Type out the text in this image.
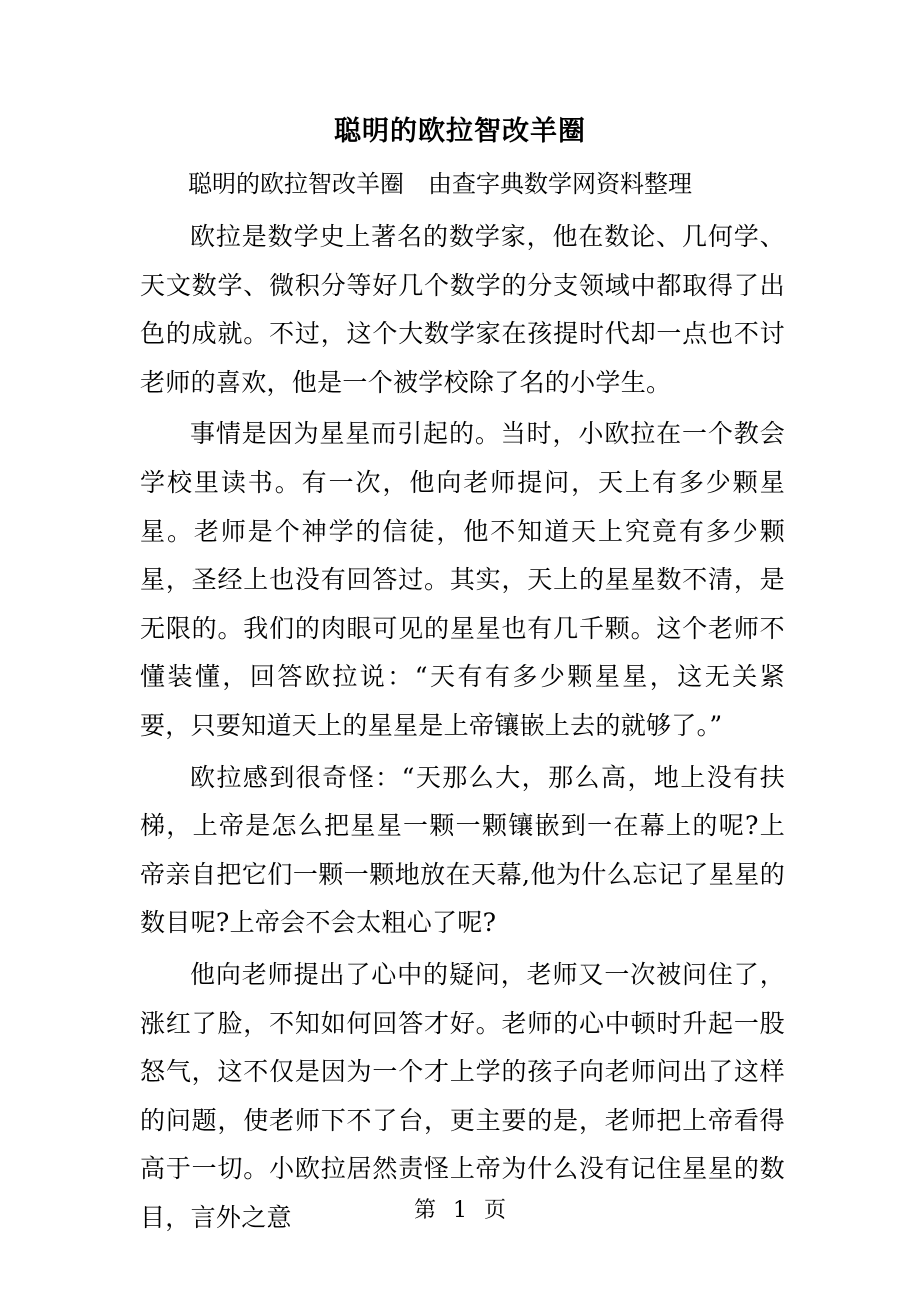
聪明的欧拉智改羊圈
聪明的欧拉智改羊圈　由查字典数学网资料整理

欧拉是数学史上著名的数学家，他在数论、几何学、天文数学、微积分等好几个数学的分支领域中都取得了出色的成就。不过，这个大数学家在孩提时代却一点也不讨老师的喜欢，他是一个被学校除了名的小学生。

事情是因为星星而引起的。当时，小欧拉在一个教会学校里读书。有一次，他向老师提问，天上有多少颗星星。老师是个神学的信徒，他不知道天上究竟有多少颗星，圣经上也没有回答过。其实，天上的星星数不清，是无限的。我们的肉眼可见的星星也有几千颗。这个老师不懂装懂，回答欧拉说：“天有有多少颗星星，这无关紧要，只要知道天上的星星是上帝镶嵌上去的就够了。”

欧拉感到很奇怪：“天那么大，那么高，地上没有扶梯，上帝是怎么把星星一颗一颗镶嵌到一在幕上的呢?上帝亲自把它们一颗一颗地放在天幕,他为什么忘记了星星的数目呢?上帝会不会太粗心了呢?

他向老师提出了心中的疑问，老师又一次被问住了，涨红了脸，不知如何回答才好。老师的心中顿时升起一股怒气，这不仅是因为一个才上学的孩子向老师问出了这样的问题，使老师下不了台，更主要的是，老师把上帝看得高于一切。小欧拉居然责怪上帝为什么没有记住星星的数目，言外之意	第 1 页
